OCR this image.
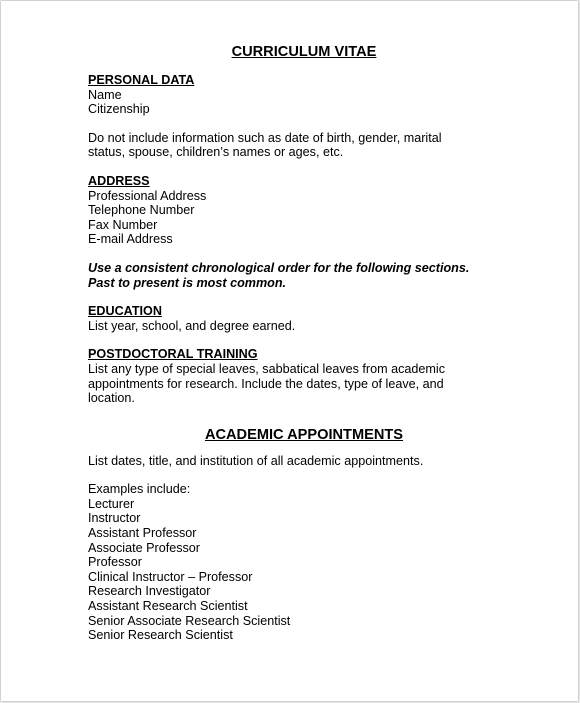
CURRICULUM VITAE
PERSONAL DATA
Name
Citizenship
Do not include information such as date of birth, gender, marital
status, spouse, children’s names or ages, etc.
ADDRESS
Professional Address
Telephone Number
Fax Number
E-mail Address
Use a consistent chronological order for the following sections.
Past to present is most common.
EDUCATION
List year, school, and degree earned.
POSTDOCTORAL TRAINING
List any type of special leaves, sabbatical leaves from academic
appointments for research. Include the dates, type of leave, and
location.
ACADEMIC APPOINTMENTS
List dates, title, and institution of all academic appointments.
Examples include:
Lecturer
Instructor
Assistant Professor
Associate Professor
Professor
Clinical Instructor – Professor
Research Investigator
Assistant Research Scientist
Senior Associate Research Scientist
Senior Research Scientist
